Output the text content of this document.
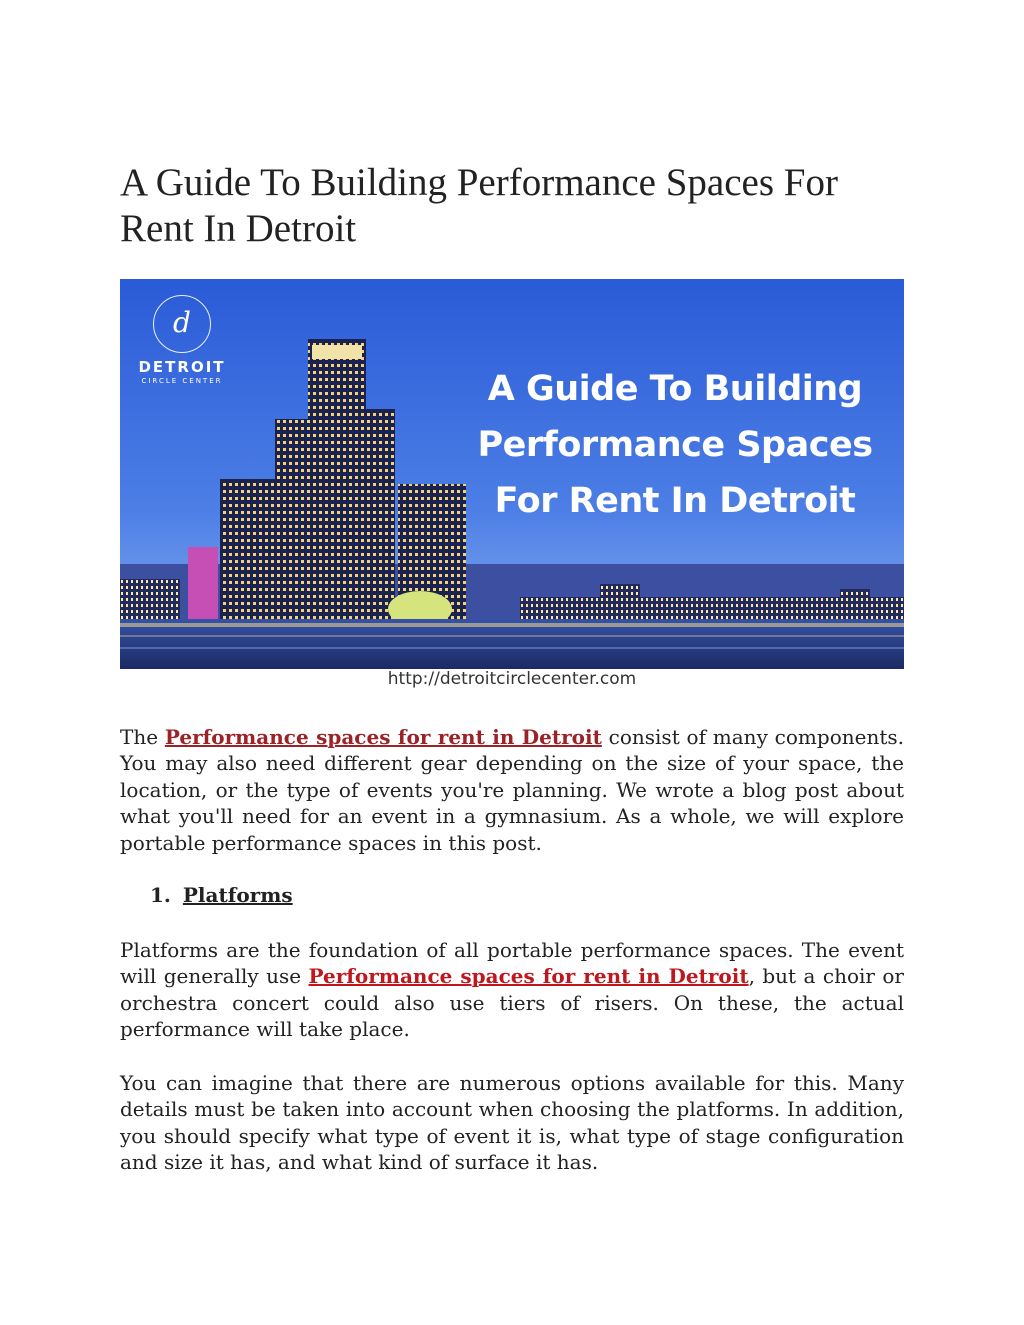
A Guide To Building Performance Spaces For Rent In Detroit
d
DETROIT
CIRCLE CENTER	A Guide To Building
Performance Spaces
For Rent In Detroit
http://detroitcirclecenter.com

The Performance spaces for rent in Detroit consist of many components. You may also need different gear depending on the size of your space, the location, or the type of events you're planning. We wrote a blog post about what you'll need for an event in a gymnasium. As a whole, we will explore portable performance spaces in this post.

1. Platforms

Platforms are the foundation of all portable performance spaces. The event will generally use Performance spaces for rent in Detroit, but a choir or orchestra concert could also use tiers of risers. On these, the actual performance will take place.

You can imagine that there are numerous options available for this. Many details must be taken into account when choosing the platforms. In addition, you should specify what type of event it is, what type of stage configuration and size it has, and what kind of surface it has.
